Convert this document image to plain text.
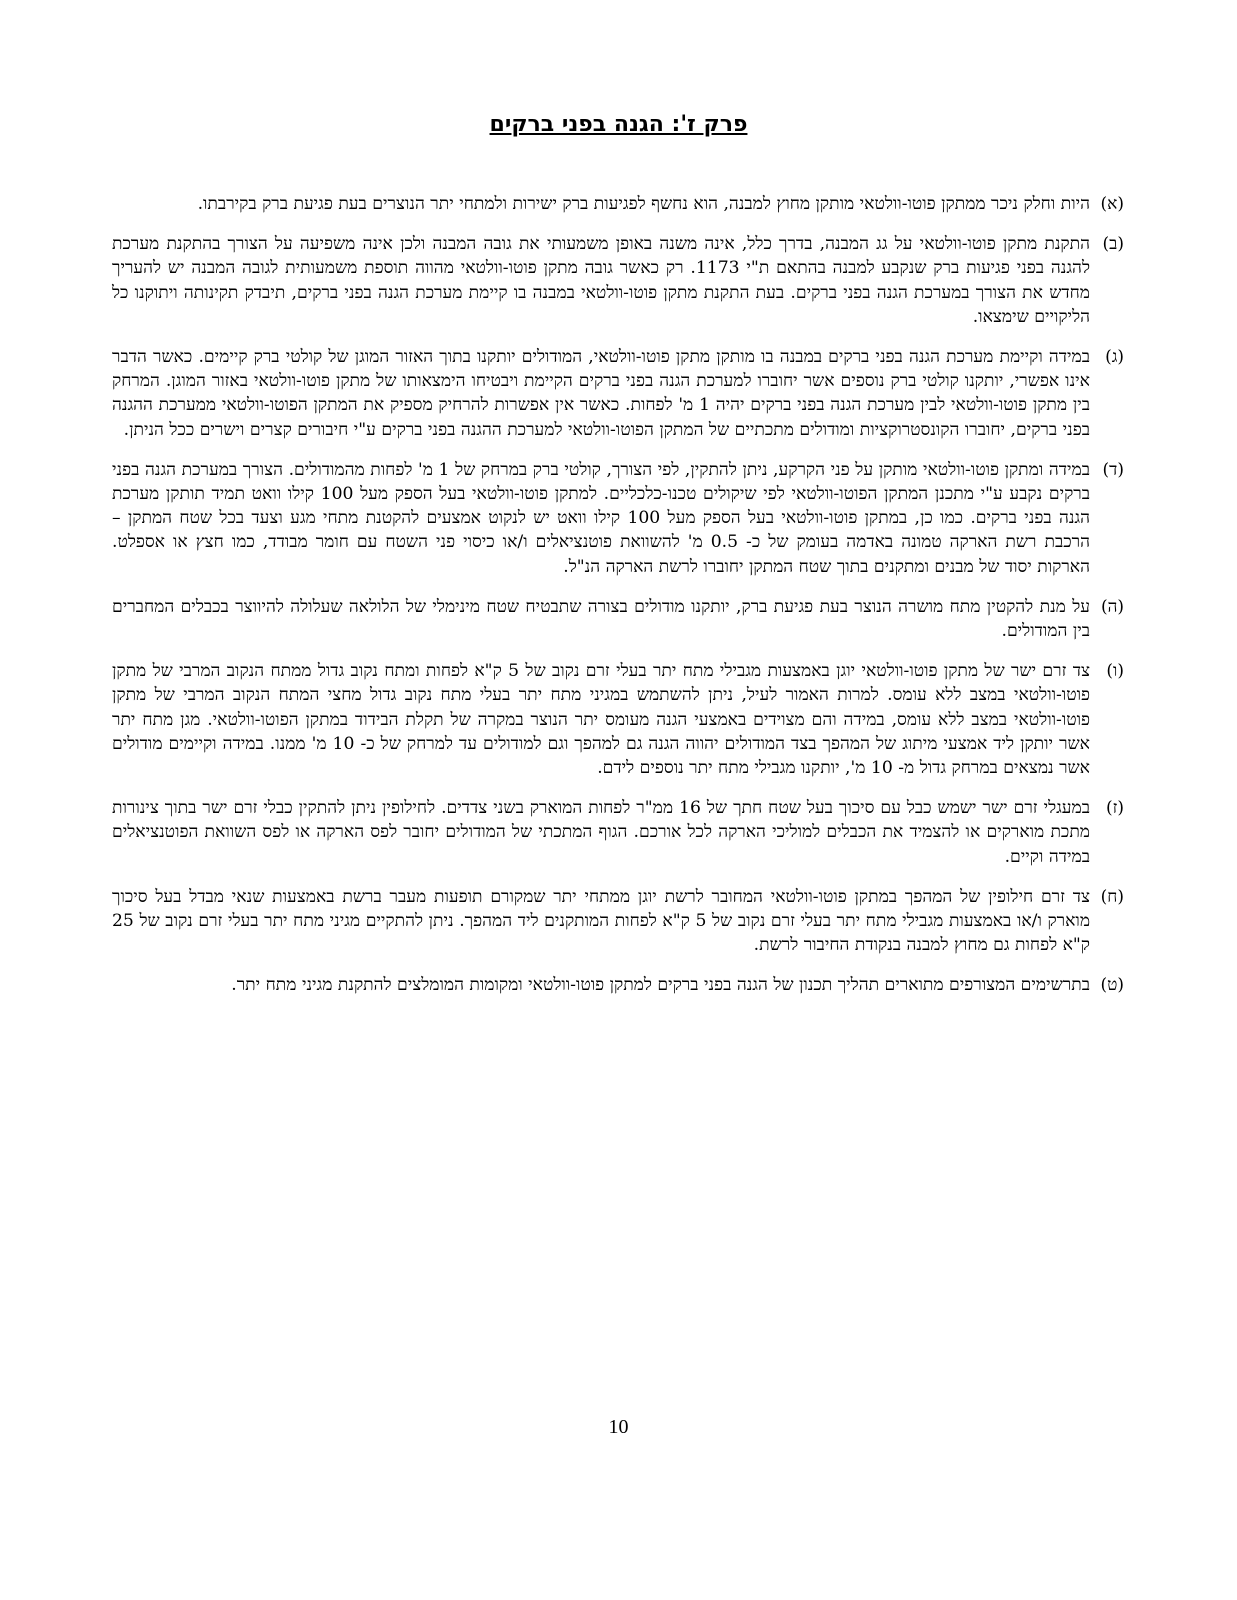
פרק ז': הגנה בפני ברקים
(א)
היות וחלק ניכר ממתקן פוטו-וולטאי מותקן מחוץ למבנה, הוא נחשף לפגיעות ברק ישירות ולמתחי יתר הנוצרים בעת פגיעת ברק בקירבתו.
(ב)
התקנת מתקן פוטו-וולטאי על גג המבנה, בדרך כלל, אינה משנה באופן משמעותי את גובה המבנה ולכן אינה משפיעה על הצורך בהתקנת מערכת להגנה בפני פגיעות ברק שנקבע למבנה בהתאם ת"י 1173. רק כאשר גובה מתקן פוטו-וולטאי מהווה תוספת משמעותית לגובה המבנה יש להעריך מחדש את הצורך במערכת הגנה בפני ברקים. בעת התקנת מתקן פוטו-וולטאי במבנה בו קיימת מערכת הגנה בפני ברקים, תיבדק תקינותה ויתוקנו כל הליקויים שימצאו.
(ג)
במידה וקיימת מערכת הגנה בפני ברקים במבנה בו מותקן מתקן פוטו-וולטאי, המודולים יותקנו בתוך האזור המוגן של קולטי ברק קיימים. כאשר הדבר אינו אפשרי, יותקנו קולטי ברק נוספים אשר יחוברו למערכת הגנה בפני ברקים הקיימת ויבטיחו הימצאותו של מתקן פוטו-וולטאי באזור המוגן. המרחק בין מתקן פוטו-וולטאי לבין מערכת הגנה בפני ברקים יהיה 1 מ' לפחות. כאשר אין אפשרות להרחיק מספיק את המתקן הפוטו-וולטאי ממערכת ההגנה בפני ברקים, יחוברו הקונסטרוקציות ומודולים מתכתיים של המתקן הפוטו-וולטאי למערכת ההגנה בפני ברקים ע"י חיבורים קצרים וישרים ככל הניתן.
(ד)
במידה ומתקן פוטו-וולטאי מותקן על פני הקרקע, ניתן להתקין, לפי הצורך, קולטי ברק במרחק של 1 מ' לפחות מהמודולים. הצורך במערכת הגנה בפני ברקים נקבע ע"י מתכנן המתקן הפוטו-וולטאי לפי שיקולים טכנו-כלכליים. למתקן פוטו-וולטאי בעל הספק מעל 100 קילו וואט תמיד תותקן מערכת הגנה בפני ברקים. כמו כן, במתקן פוטו-וולטאי בעל הספק מעל 100 קילו וואט יש לנקוט אמצעים להקטנת מתחי מגע וצעד בכל שטח המתקן – הרכבת רשת הארקה טמונה באדמה בעומק של כ- 0.5 מ' להשוואת פוטנציאלים ו/או כיסוי פני השטח עם חומר מבודד, כמו חצץ או אספלט. הארקות יסוד של מבנים ומתקנים בתוך שטח המתקן יחוברו לרשת הארקה הנ"ל.
(ה)
על מנת להקטין מתח מושרה הנוצר בעת פגיעת ברק, יותקנו מודולים בצורה שתבטיח שטח מינימלי של הלולאה שעלולה להיווצר בכבלים המחברים בין המודולים.
(ו)
צד זרם ישר של מתקן פוטו-וולטאי יוגן באמצעות מגבילי מתח יתר בעלי זרם נקוב של 5 ק"א לפחות ומתח נקוב גדול ממתח הנקוב המרבי של מתקן פוטו-וולטאי במצב ללא עומס. למרות האמור לעיל, ניתן להשתמש במגיני מתח יתר בעלי מתח נקוב גדול מחצי המתח הנקוב המרבי של מתקן פוטו-וולטאי במצב ללא עומס, במידה והם מצוידים באמצעי הגנה מעומס יתר הנוצר במקרה של תקלת הבידוד במתקן הפוטו-וולטאי. מגן מתח יתר אשר יותקן ליד אמצעי מיתוג של המהפך בצד המודולים יהווה הגנה גם למהפך וגם למודולים עד למרחק של כ- 10 מ' ממנו. במידה וקיימים מודולים אשר נמצאים במרחק גדול מ- 10 מ', יותקנו מגבילי מתח יתר נוספים לידם.
(ז)
במעגלי זרם ישר ישמש כבל עם סיכוך בעל שטח חתך של 16 ממ"ר לפחות המוארק בשני צדדים. לחילופין ניתן להתקין כבלי זרם ישר בתוך צינורות מתכת מוארקים או להצמיד את הכבלים למוליכי הארקה לכל אורכם. הגוף המתכתי של המודולים יחובר לפס הארקה או לפס השוואת הפוטנציאלים במידה וקיים.
(ח)
צד זרם חילופין של המהפך במתקן פוטו-וולטאי המחובר לרשת יוגן ממתחי יתר שמקורם תופעות מעבר ברשת באמצעות שנאי מבדל בעל סיכוך מוארק ו/או באמצעות מגבילי מתח יתר בעלי זרם נקוב של 5 ק"א לפחות המותקנים ליד המהפך. ניתן להתקיים מגיני מתח יתר בעלי זרם נקוב של 25 ק"א לפחות גם מחוץ למבנה בנקודת החיבור לרשת.
(ט)
בתרשימים המצורפים מתוארים תהליך תכנון של הגנה בפני ברקים למתקן פוטו-וולטאי ומקומות המומלצים להתקנת מגיני מתח יתר.
10
